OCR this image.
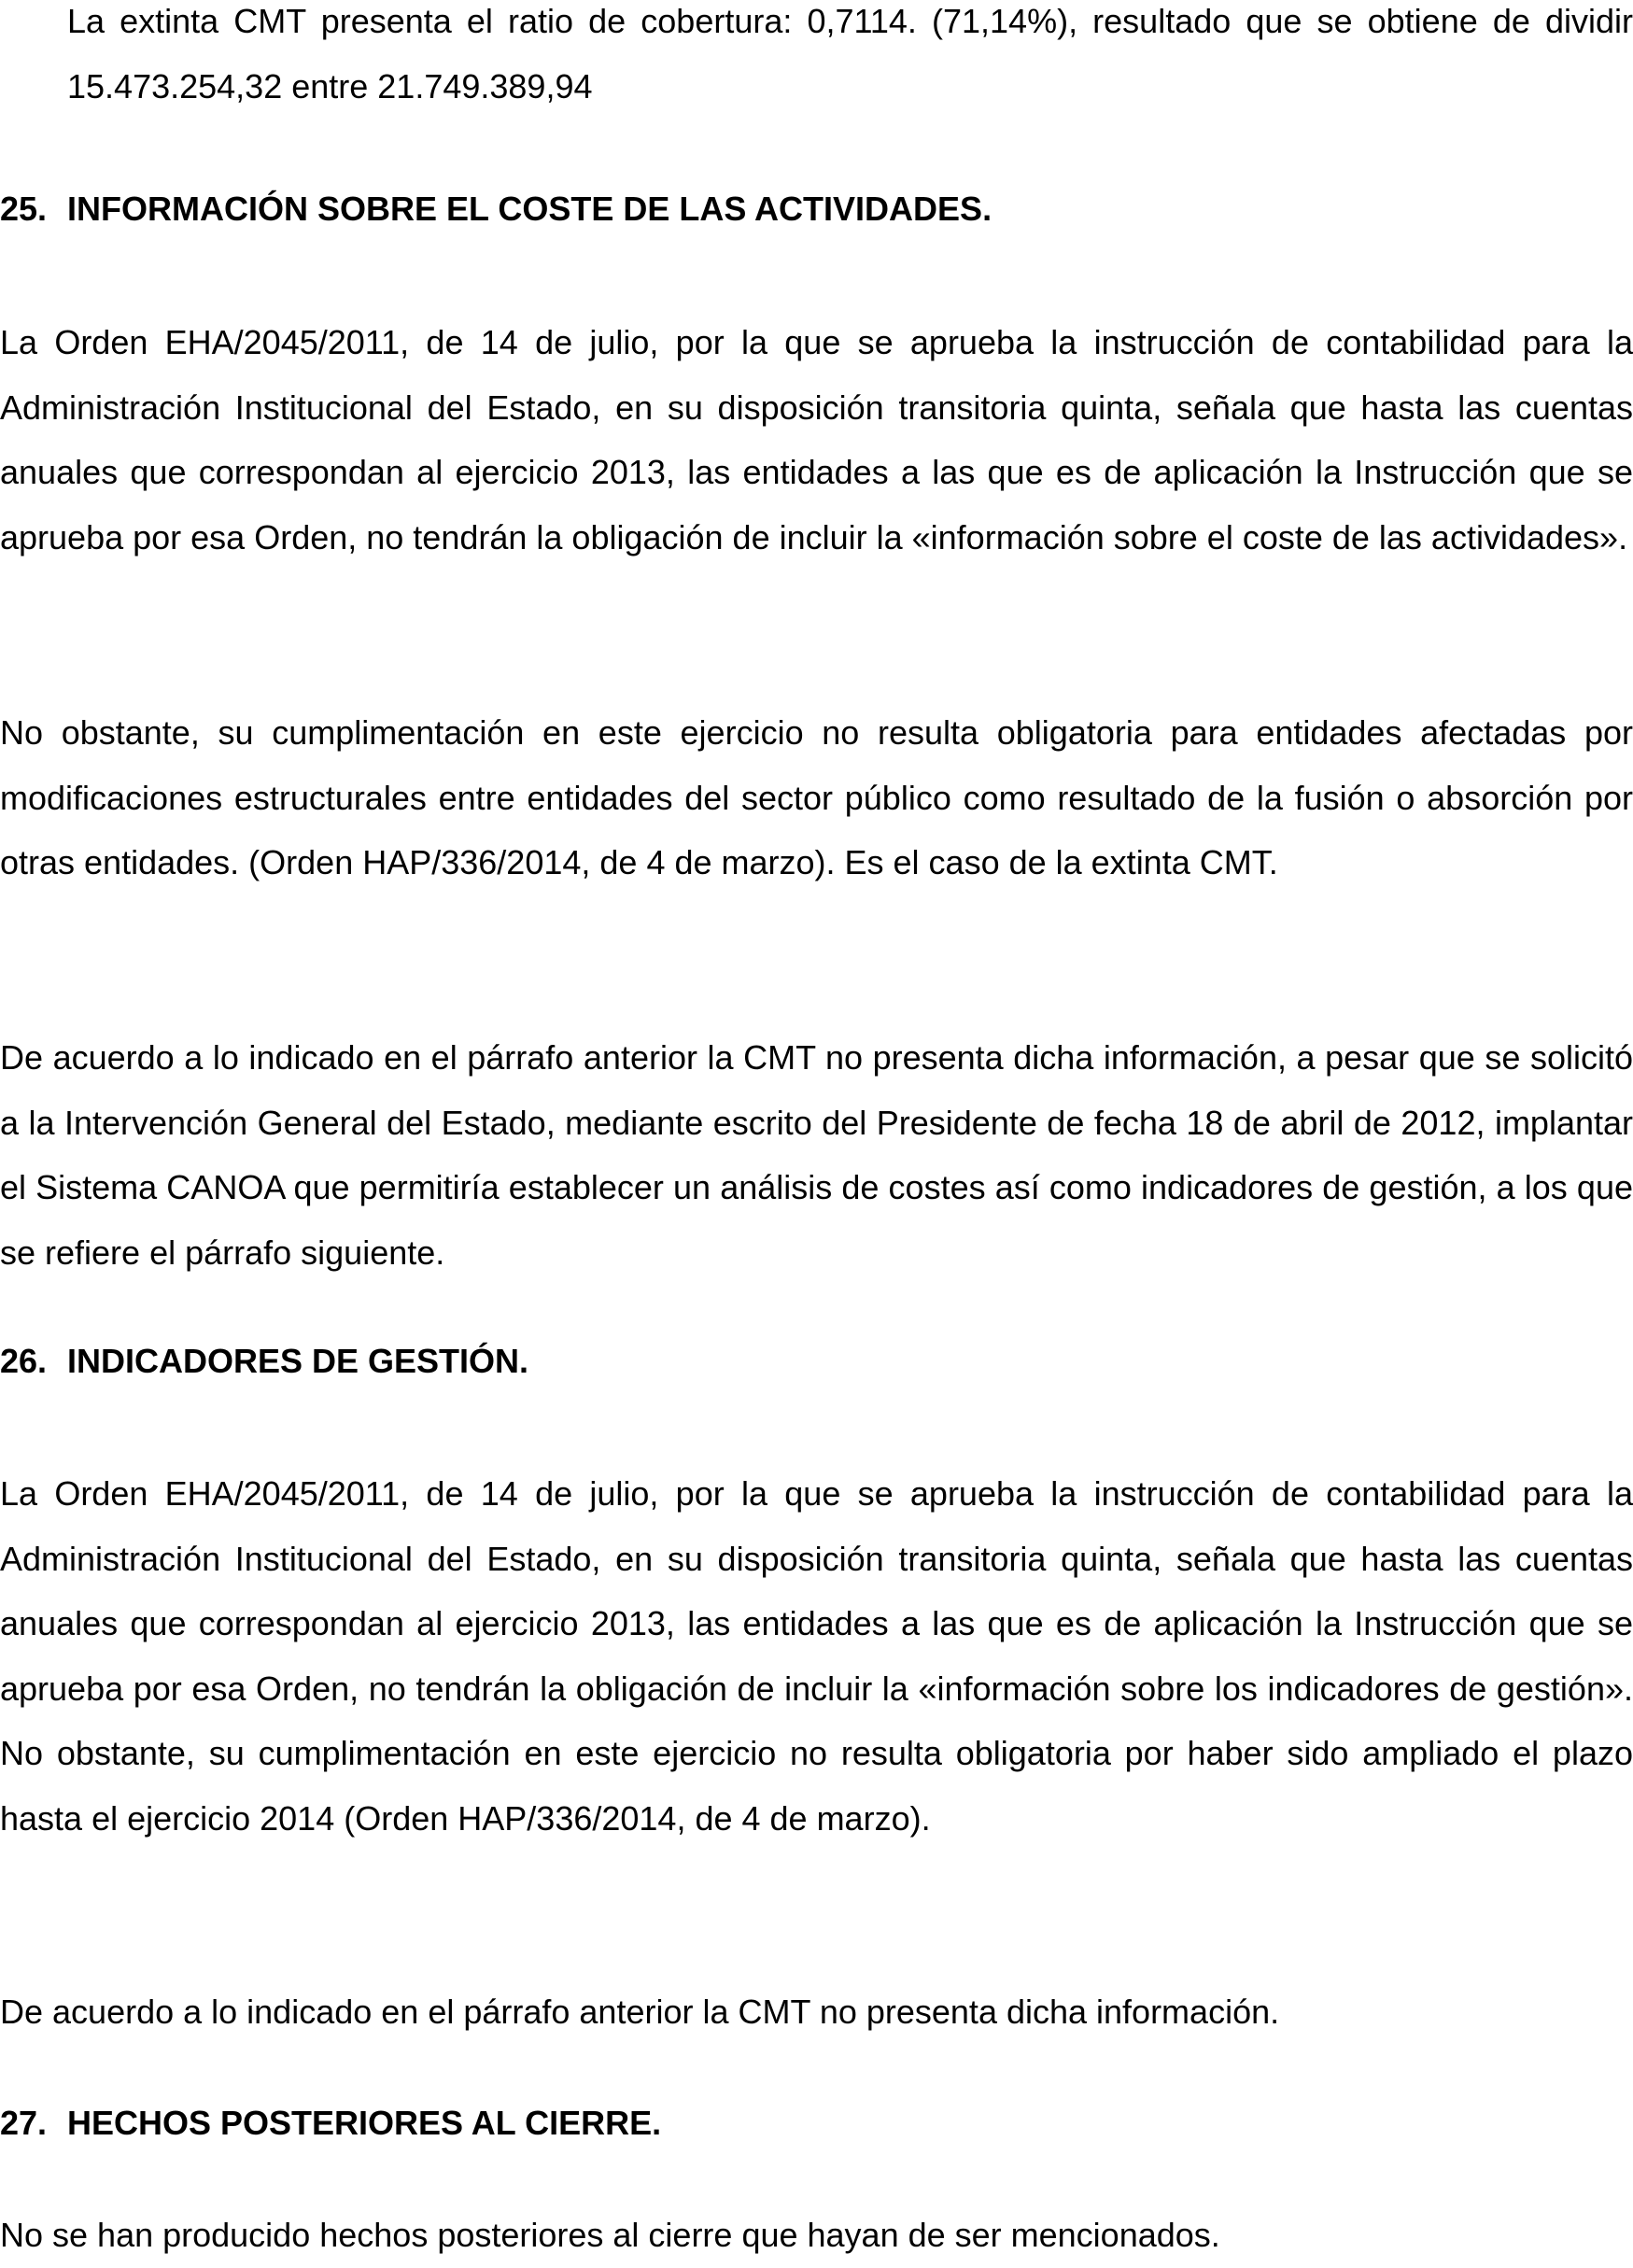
La extinta CMT presenta el ratio de cobertura: 0,7114. (71,14%), resultado que se obtiene de dividir 15.473.254,32 entre 21.749.389,94

25. INFORMACIÓN SOBRE EL COSTE DE LAS ACTIVIDADES.

La Orden EHA/2045/2011, de 14 de julio, por la que se aprueba la instrucción de contabilidad para la Administración Institucional del Estado, en su disposición transitoria quinta, señala que hasta las cuentas anuales que correspondan al ejercicio 2013, las entidades a las que es de aplicación la Instrucción que se aprueba por esa Orden, no tendrán la obligación de incluir la «información sobre el coste de las actividades».

No obstante, su cumplimentación en este ejercicio no resulta obligatoria para entidades afectadas por modificaciones estructurales entre entidades del sector público como resultado de la fusión o absorción por otras entidades. (Orden HAP/336/2014, de 4 de marzo). Es el caso de la extinta CMT.

De acuerdo a lo indicado en el párrafo anterior la CMT no presenta dicha información, a pesar que se solicitó a la Intervención General del Estado, mediante escrito del Presidente de fecha 18 de abril de 2012, implantar el Sistema CANOA que permitiría establecer un análisis de costes así como indicadores de gestión, a los que se refiere el párrafo siguiente.

26. INDICADORES DE GESTIÓN.

La Orden EHA/2045/2011, de 14 de julio, por la que se aprueba la instrucción de contabilidad para la Administración Institucional del Estado, en su disposición transitoria quinta, señala que hasta las cuentas anuales que correspondan al ejercicio 2013, las entidades a las que es de aplicación la Instrucción que se aprueba por esa Orden, no tendrán la obligación de incluir la «información sobre los indicadores de gestión». No obstante, su cumplimentación en este ejercicio no resulta obligatoria por haber sido ampliado el plazo hasta el ejercicio 2014 (Orden HAP/336/2014, de 4 de marzo).

De acuerdo a lo indicado en el párrafo anterior la CMT no presenta dicha información.

27. HECHOS POSTERIORES AL CIERRE.

No se han producido hechos posteriores al cierre que hayan de ser mencionados.
